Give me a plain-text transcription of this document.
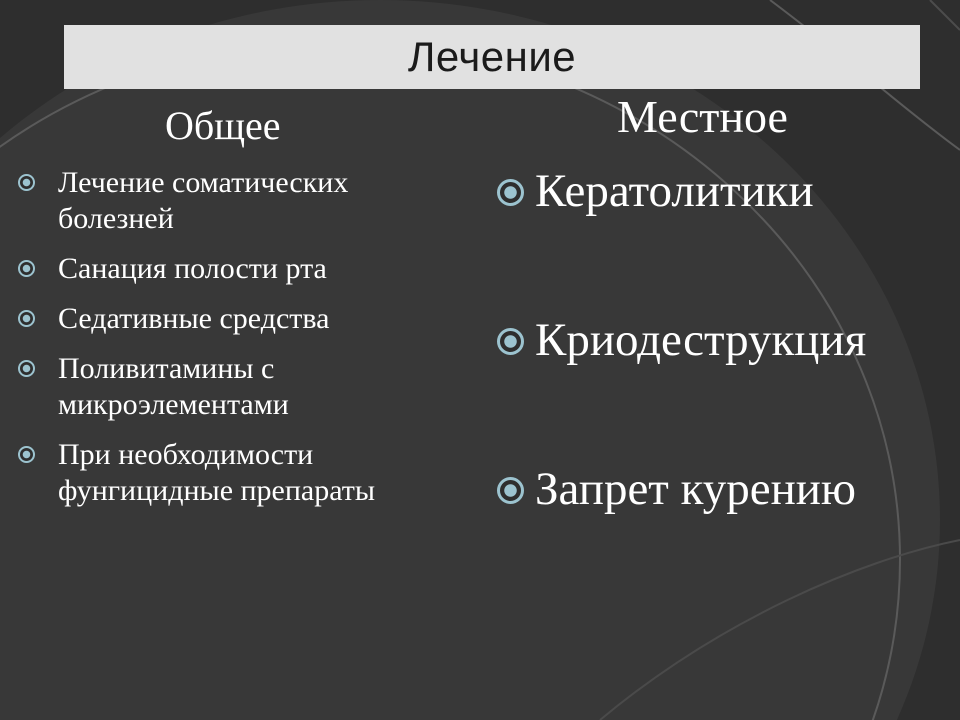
Лечение
Общее	Местное
Лечение соматических болезней
Санация полости рта
Седативные средства
Поливитамины с микроэлементами
При необходимости фунгицидные препараты
Кератолитики
Криодеструкция
Запрет курению
